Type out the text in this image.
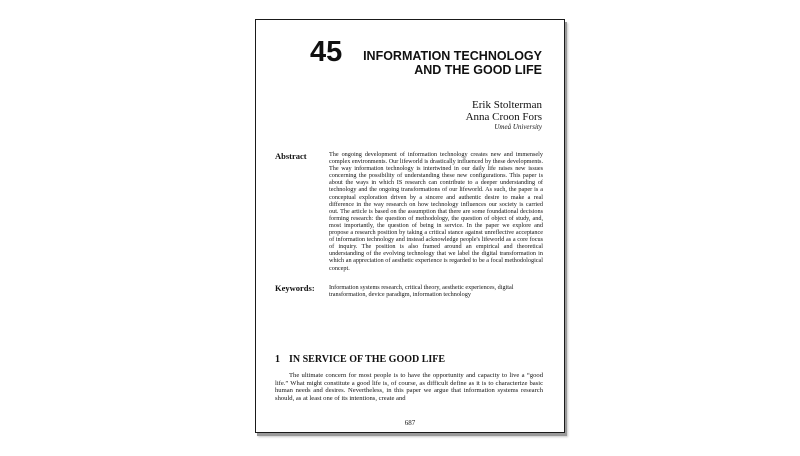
45 INFORMATION TECHNOLOGY
AND THE GOOD LIFE
Erik Stolterman
Anna Croon Fors
Umeå University
Abstract	The ongoing development of information technology creates new and immensely complex environments. Our lifeworld is drastically influenced by these developments. The way information technology is intertwined in our daily life raises new issues concerning the possibility of understanding these new configurations. This paper is about the ways in which IS research can contribute to a deeper understanding of technology and the ongoing transformations of our lifeworld. As such, the paper is a conceptual exploration driven by a sincere and authentic desire to make a real difference in the way research on how technology influences our society is carried out. The article is based on the assumption that there are some foundational decisions forming research: the question of methodology, the question of object of study, and, most importantly, the question of being in service. In the paper we explore and propose a research position by taking a critical stance against unreflective acceptance of information technology and instead acknowledge people's lifeworld as a core focus of inquiry. The position is also framed around an empirical and theoretical understanding of the evolving technology that we label the digital transformation in which an appreciation of aesthetic experience is regarded to be a focal methodological concept.

Keywords: Information systems research, critical theory, aesthetic experiences, digital transformation, device paradigm, information technology
1 IN SERVICE OF THE GOOD LIFE
The ultimate concern for most people is to have the opportunity and capacity to live a “good life.” What might constitute a good life is, of course, as difficult define as it is to characterize basic human needs and desires. Nevertheless, in this paper we argue that information systems research should, as at least one of its intentions, create and
687
